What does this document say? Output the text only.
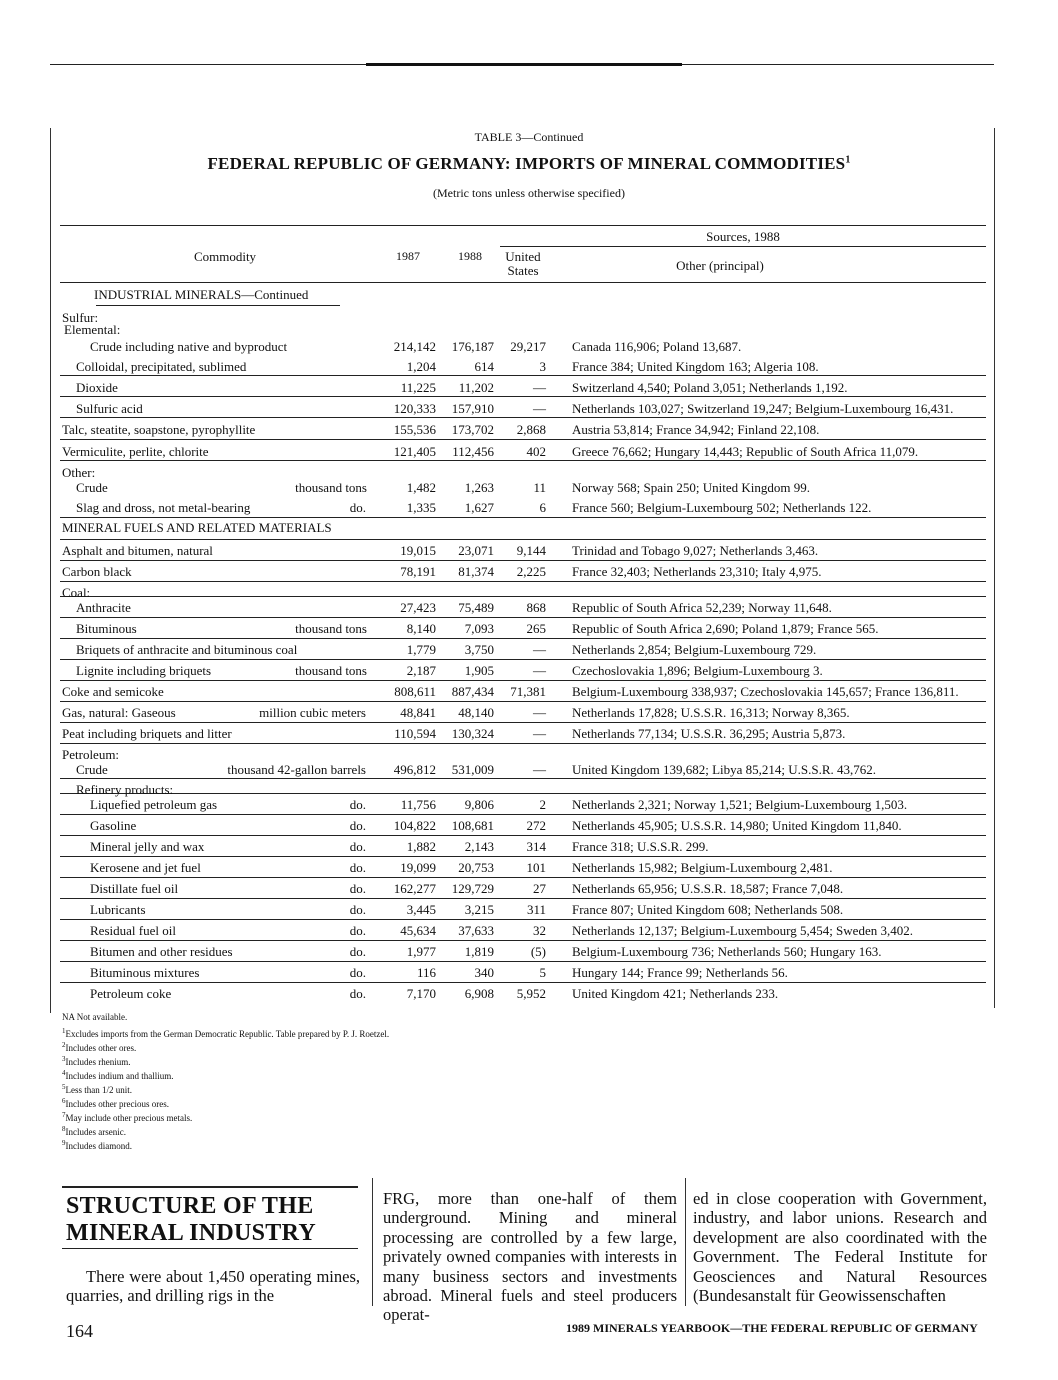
TABLE 3—Continued
FEDERAL REPUBLIC OF GERMANY: IMPORTS OF MINERAL COMMODITIES$^1$
(Metric tons unless otherwise specified)
Sources, 1988
Commodity	1987	1988	United States	Other (principal)
INDUSTRIAL MINERALS—Continued
Sulfur:
Elemental:
Crude including native and byproduct	214,142	176,187	29,217 Canada 116,906; Poland 13,687.
Colloidal, precipitated, sublimed	1,204	614	3 France 384; United Kingdom 163; Algeria 108.
Dioxide	11,225	11,202	— Switzerland 4,540; Poland 3,051; Netherlands 1,192.
Sulfuric acid	120,333	157,910	— Netherlands 103,027; Switzerland 19,247; Belgium-Luxembourg 16,431.
Talc, steatite, soapstone, pyrophyllite	155,536	173,702	2,868 Austria 53,814; France 34,942; Finland 22,108.
Vermiculite, perlite, chlorite	121,405	112,456	402 Greece 76,662; Hungary 14,443; Republic of South Africa 11,079.
Other:
Crude	thousand tons	1,482	1,263	11 Norway 568; Spain 250; United Kingdom 99.
Slag and dross, not metal-bearing	do.	1,335	1,627	6 France 560; Belgium-Luxembourg 502; Netherlands 122.
MINERAL FUELS AND RELATED MATERIALS
Asphalt and bitumen, natural	19,015	23,071	9,144 Trinidad and Tobago 9,027; Netherlands 3,463.
Carbon black	78,191	81,374	2,225 France 32,403; Netherlands 23,310; Italy 4,975.
Coal:
Anthracite	27,423	75,489	868 Republic of South Africa 52,239; Norway 11,648.
Bituminous	thousand tons	8,140	7,093	265 Republic of South Africa 2,690; Poland 1,879; France 565.
Briquets of anthracite and bituminous coal	1,779	3,750	— Netherlands 2,854; Belgium-Luxembourg 729.
Lignite including briquets	thousand tons	2,187	1,905	— Czechoslovakia 1,896; Belgium-Luxembourg 3.
Coke and semicoke	808,611	887,434	71,381 Belgium-Luxembourg 338,937; Czechoslovakia 145,657; France 136,811.
Gas, natural: Gaseous	million cubic meters	48,841	48,140	— Netherlands 17,828; U.S.S.R. 16,313; Norway 8,365.
Peat including briquets and litter	110,594	130,324	— Netherlands 77,134; U.S.S.R. 36,295; Austria 5,873.
Petroleum:
Crude	thousand 42-gallon barrels	496,812	531,009	— United Kingdom 139,682; Libya 85,214; U.S.S.R. 43,762.
Refinery products:
Liquefied petroleum gas	do.	11,756	9,806	2 Netherlands 2,321; Norway 1,521; Belgium-Luxembourg 1,503.
Gasoline	do.	104,822	108,681	272 Netherlands 45,905; U.S.S.R. 14,980; United Kingdom 11,840.
Mineral jelly and wax	do.	1,882	2,143	314 France 318; U.S.S.R. 299.
Kerosene and jet fuel	do.	19,099	20,753	101 Netherlands 15,982; Belgium-Luxembourg 2,481.
Distillate fuel oil	do.	162,277	129,729	27 Netherlands 65,956; U.S.S.R. 18,587; France 7,048.
Lubricants	do.	3,445	3,215	311 France 807; United Kingdom 608; Netherlands 508.
Residual fuel oil	do.	45,634	37,633	32 Netherlands 12,137; Belgium-Luxembourg 5,454; Sweden 3,402.
Bitumen and other residues	do.	1,977	1,819	(5) Belgium-Luxembourg 736; Netherlands 560; Hungary 163.
Bituminous mixtures	do.	116	340	5 Hungary 144; France 99; Netherlands 56.
Petroleum coke	do.	7,170	6,908	5,952 United Kingdom 421; Netherlands 233.
NA Not available.
$^1$Excludes imports from the German Democratic Republic. Table prepared by P. J. Roetzel.
$^2$Includes other ores.
$^3$Includes rhenium.
$^4$Includes indium and thallium.
$^5$Less than 1/2 unit.
$^6$Includes other precious ores.
$^7$May include other precious metals.
$^8$Includes arsenic.
$^9$Includes diamond.
STRUCTURE OF THE
MINERAL INDUSTRY
There were about 1,450 operating mines, quarries, and drilling rigs in the
FRG, more than one-half of them underground. Mining and mineral processing are controlled by a few large, privately owned companies with interests in many business sectors and investments abroad. Mineral fuels and steel producers operat-
ed in close cooperation with Government, industry, and labor unions. Research and development are also coordinated with the Government. The Federal Institute for Geosciences and Natural Resources (Bundesanstalt für Geowissenschaften
164	1989 MINERALS YEARBOOK—THE FEDERAL REPUBLIC OF GERMANY
